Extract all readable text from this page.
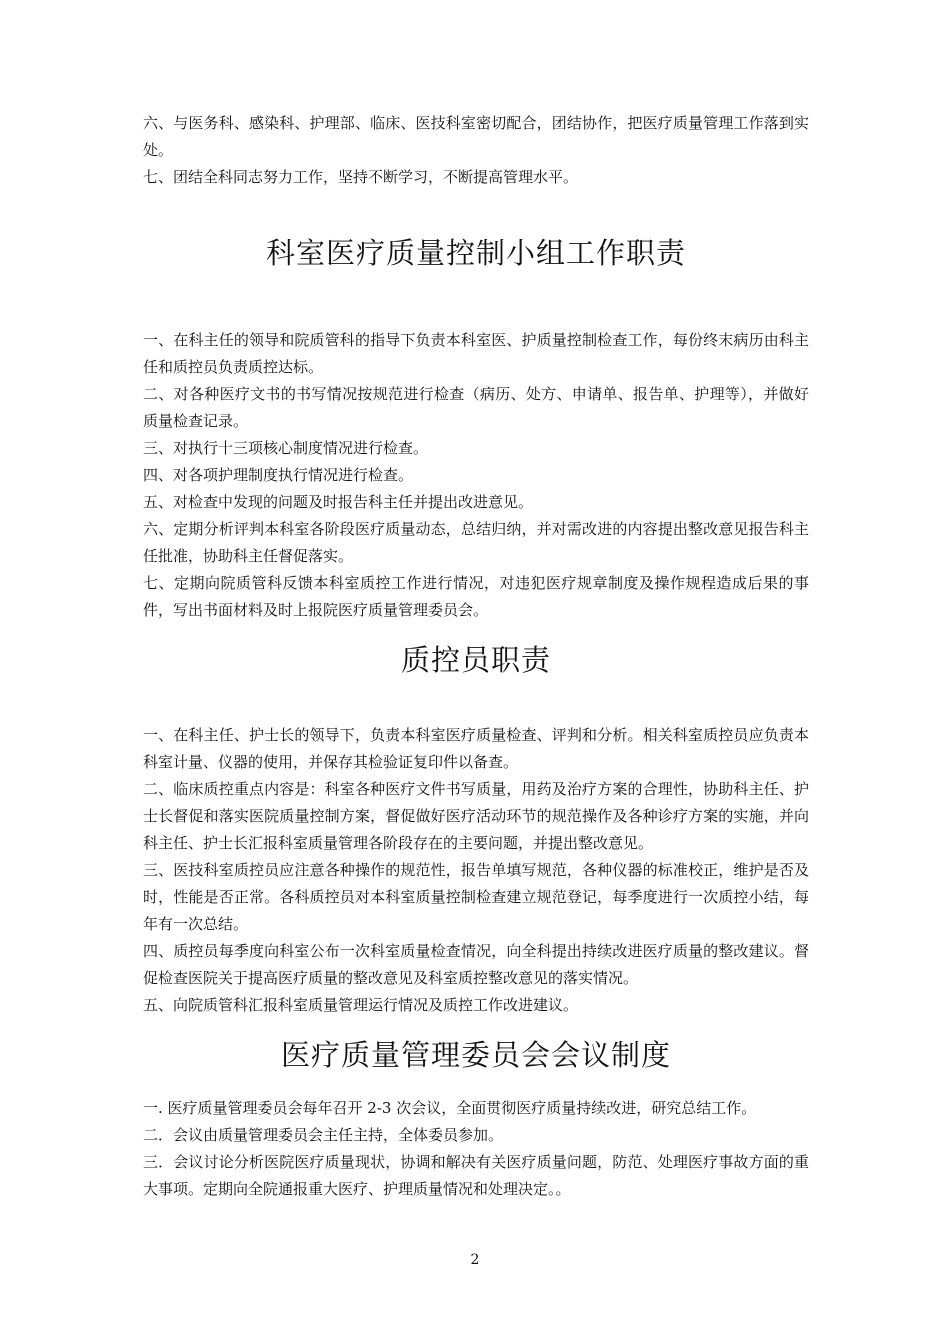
六、与医务科、感染科、护理部、临床、医技科室密切配合，团结协作，把医疗质量管理工作落到实处。

七、团结全科同志努力工作，坚持不断学习，不断提高管理水平。

科室医疗质量控制小组工作职责

一、在科主任的领导和院质管科的指导下负责本科室医、护质量控制检查工作，每份终末病历由科主任和质控员负责质控达标。

二、对各种医疗文书的书写情况按规范进行检查（病历、处方、申请单、报告单、护理等），并做好质量检查记录。

三、对执行十三项核心制度情况进行检查。

四、对各项护理制度执行情况进行检查。

五、对检查中发现的问题及时报告科主任并提出改进意见。

六、定期分析评判本科室各阶段医疗质量动态，总结归纳，并对需改进的内容提出整改意见报告科主任批准，协助科主任督促落实。

七、定期向院质管科反馈本科室质控工作进行情况，对违犯医疗规章制度及操作规程造成后果的事件，写出书面材料及时上报院医疗质量管理委员会。

质控员职责

一、在科主任、护士长的领导下，负责本科室医疗质量检查、评判和分析。相关科室质控员应负责本科室计量、仪器的使用，并保存其检验证复印件以备查。

二、临床质控重点内容是：科室各种医疗文件书写质量，用药及治疗方案的合理性，协助科主任、护士长督促和落实医院质量控制方案，督促做好医疗活动环节的规范操作及各种诊疗方案的实施，并向科主任、护士长汇报科室质量管理各阶段存在的主要问题，并提出整改意见。

三、医技科室质控员应注意各种操作的规范性，报告单填写规范，各种仪器的标准校正，维护是否及时，性能是否正常。各科质控员对本科室质量控制检查建立规范登记，每季度进行一次质控小结，每年有一次总结。

四、质控员每季度向科室公布一次科室质量检查情况，向全科提出持续改进医疗质量的整改建议。督促检查医院关于提高医疗质量的整改意见及科室质控整改意见的落实情况。

五、向院质管科汇报科室质量管理运行情况及质控工作改进建议。

医疗质量管理委员会会议制度

一. 医疗质量管理委员会每年召开 2-3 次会议，全面贯彻医疗质量持续改进，研究总结工作。

二．会议由质量管理委员会主任主持，全体委员参加。

三．会议讨论分析医院医疗质量现状，协调和解决有关医疗质量问题，防范、处理医疗事故方面的重大事项。定期向全院通报重大医疗、护理质量情况和处理决定。。

2
